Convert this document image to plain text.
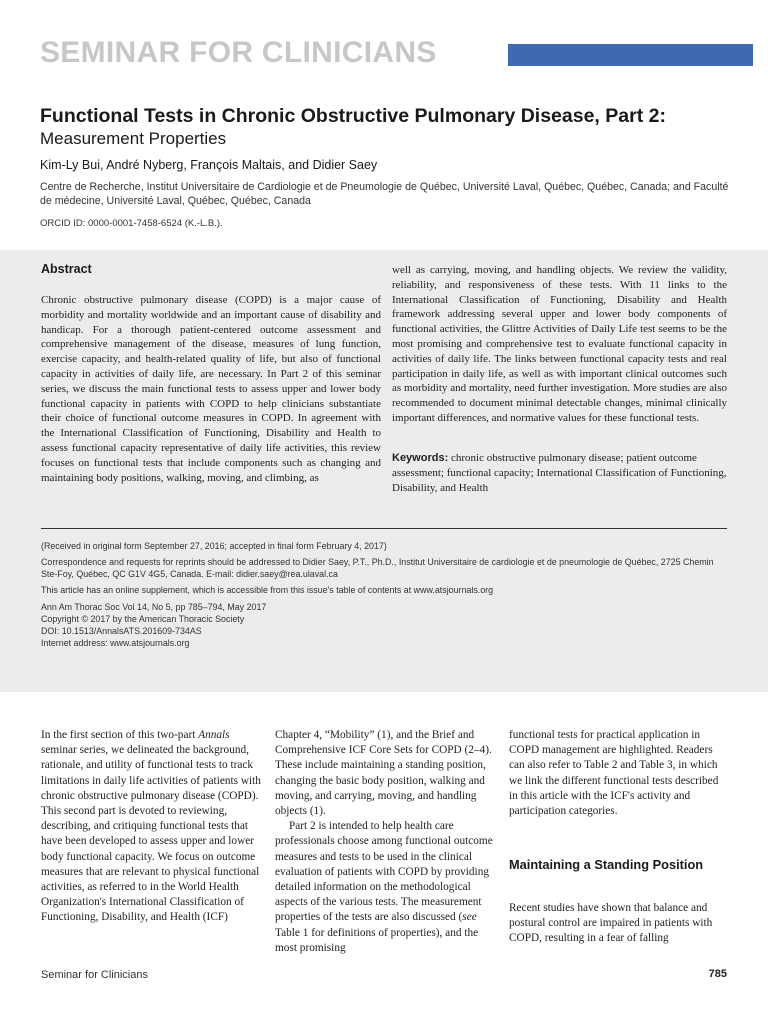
SEMINAR FOR CLINICIANS
Functional Tests in Chronic Obstructive Pulmonary Disease, Part 2:
Measurement Properties
Kim-Ly Bui, André Nyberg, François Maltais, and Didier Saey
Centre de Recherche, Institut Universitaire de Cardiologie et de Pneumologie de Québec, Université Laval, Québec, Québec, Canada; and Faculté de médecine, Université Laval, Québec, Québec, Canada
ORCID ID: 0000-0001-7458-6524 (K.-L.B.).
Abstract
Chronic obstructive pulmonary disease (COPD) is a major cause of morbidity and mortality worldwide and an important cause of disability and handicap. For a thorough patient-centered outcome assessment and comprehensive management of the disease, measures of lung function, exercise capacity, and health-related quality of life, but also of functional capacity in activities of daily life, are necessary. In Part 2 of this seminar series, we discuss the main functional tests to assess upper and lower body functional capacity in patients with COPD to help clinicians substantiate their choice of functional outcome measures in COPD. In agreement with the International Classification of Functioning, Disability and Health to assess functional capacity representative of daily life activities, this review focuses on functional tests that include components such as changing and maintaining body positions, walking, moving, and climbing, as
well as carrying, moving, and handling objects. We review the validity, reliability, and responsiveness of these tests. With 11 links to the International Classification of Functioning, Disability and Health framework addressing several upper and lower body components of functional activities, the Glittre Activities of Daily Life test seems to be the most promising and comprehensive test to evaluate functional capacity in activities of daily life. The links between functional capacity tests and real participation in daily life, as well as with important clinical outcomes such as morbidity and mortality, need further investigation. More studies are also recommended to document minimal detectable changes, minimal clinically important differences, and normative values for these functional tests.
Keywords: chronic obstructive pulmonary disease; patient outcome assessment; functional capacity; International Classification of Functioning, Disability, and Health
(Received in original form September 27, 2016; accepted in final form February 4, 2017)
Correspondence and requests for reprints should be addressed to Didier Saey, P.T., Ph.D., Institut Universitaire de cardiologie et de pneumologie de Québec, 2725 Chemin Ste-Foy, Québec, QC G1V 4G5, Canada. E-mail: didier.saey@rea.ulaval.ca
This article has an online supplement, which is accessible from this issue's table of contents at www.atsjournals.org
Ann Am Thorac Soc Vol 14, No 5, pp 785–794, May 2017
Copyright © 2017 by the American Thoracic Society
DOI: 10.1513/AnnalsATS.201609-734AS
Internet address: www.atsjournals.org

In the first section of this two-part Annals seminar series, we delineated the background, rationale, and utility of functional tests to track limitations in daily life activities of patients with chronic obstructive pulmonary disease (COPD). This second part is devoted to reviewing, describing, and critiquing functional tests that have been developed to assess upper and lower body functional capacity. We focus on outcome measures that are relevant to physical functional activities, as referred to in the World Health Organization's International Classification of Functioning, Disability, and Health (ICF)

Chapter 4, “Mobility” (1), and the Brief and Comprehensive ICF Core Sets for COPD (2–4). These include maintaining a standing position, changing the basic body position, walking and moving, and carrying, moving, and handling objects (1).

Part 2 is intended to help health care professionals choose among functional outcome measures and tests to be used in the clinical evaluation of patients with COPD by providing detailed information on the methodological aspects of the various tests. The measurement properties of the tests are also discussed (see Table 1 for definitions of properties), and the most promising

functional tests for practical application in COPD management are highlighted. Readers can also refer to Table 2 and Table 3, in which we link the different functional tests described in this article with the ICF's activity and participation categories.

Maintaining a Standing Position
Recent studies have shown that balance and postural control are impaired in patients with COPD, resulting in a fear of falling
Seminar for Clinicians	785
